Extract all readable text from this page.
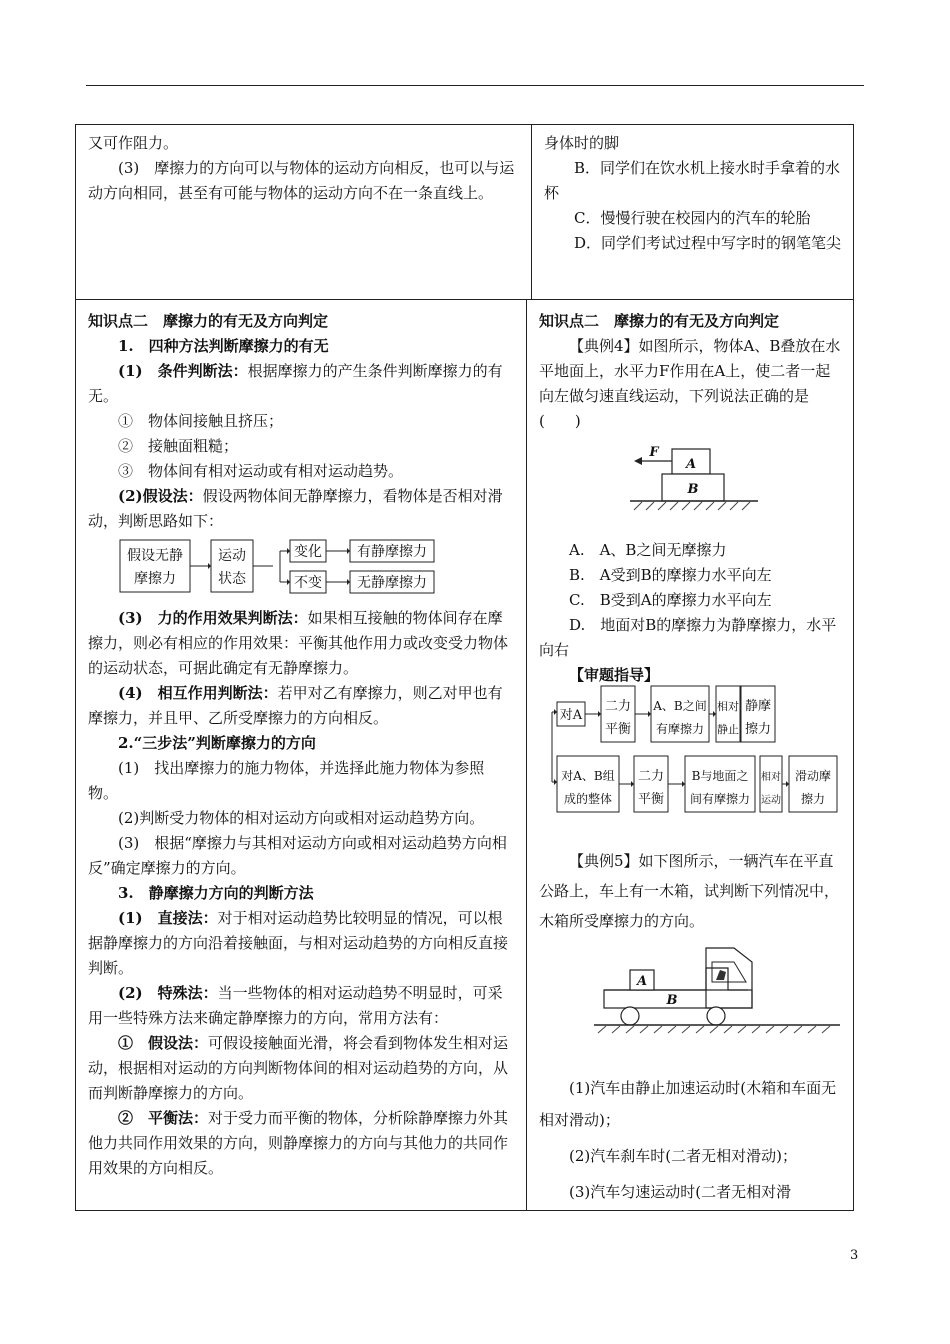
又可作阻力。

(3)　摩擦力的方向可以与物体的运动方向相反，也可以与运动方向相同，甚至有可能与物体的运动方向不在一条直线上。

身体时的脚

B．同学们在饮水机上接水时手拿着的水杯

C．慢慢行驶在校园内的汽车的轮胎

D．同学们考试过程中写字时的钢笔笔尖

知识点二　摩擦力的有无及方向判定

1.　四种方法判断摩擦力的有无

(1)　条件判断法：根据摩擦力的产生条件判断摩擦力的有无。

①　物体间接触且挤压；

②　接触面粗糙；

③　物体间有相对运动或有相对运动趋势。

(2)假设法：假设两物体间无静摩擦力，看物体是否相对滑动，判断思路如下：

(3)　力的作用效果判断法：如果相互接触的物体间存在摩擦力，则必有相应的作用效果：平衡其他作用力或改变受力物体的运动状态，可据此确定有无静摩擦力。

(4)　相互作用判断法：若甲对乙有摩擦力，则乙对甲也有摩擦力，并且甲、乙所受摩擦力的方向相反。

2.“三步法”判断摩擦力的方向

(1)　找出摩擦力的施力物体，并选择此施力物体为参照物。

(2)判断受力物体的相对运动方向或相对运动趋势方向。

(3)　根据“摩擦力与其相对运动方向或相对运动趋势方向相反”确定摩擦力的方向。

3.　静摩擦力方向的判断方法

(1)　直接法：对于相对运动趋势比较明显的情况，可以根据静摩擦力的方向沿着接触面，与相对运动趋势的方向相反直接判断。

(2)　特殊法：当一些物体的相对运动趋势不明显时，可采用一些特殊方法来确定静摩擦力的方向，常用方法有：

①　假设法：可假设接触面光滑，将会看到物体发生相对运动，根据相对运动的方向判断物体间的相对运动趋势的方向，从而判断静摩擦力的方向。

②　平衡法：对于受力而平衡的物体，分析除静摩擦力外其他力共同作用效果的方向，则静摩擦力的方向与其他力的共同作用效果的方向相反。

假设无静
摩擦力
运动
状态
变化	有静摩擦力
不变	无静摩擦力

知识点二　摩擦力的有无及方向判定

【典例4】如图所示，物体A、B叠放在水平地面上，水平力F作用在A上，使二者一起向左做匀速直线运动，下列说法正确的是(　　)

A.　A、B之间无摩擦力

B.　A受到B的摩擦力水平向左

C.　B受到A的摩擦力水平向左

D.　地面对B的摩擦力为静摩擦力，水平向右

【审题指导】

【典例5】如下图所示，一辆汽车在平直公路上，车上有一木箱，试判断下列情况中，木箱所受摩擦力的方向。

(1)汽车由静止加速运动时(木箱和车面无相对滑动)；

(2)汽车刹车时(二者无相对滑动)；

(3)汽车匀速运动时(二者无相对滑

F
A
B
对A
二力
平衡
A、B之间
有摩擦力
相对
静止
静摩
擦力
对A、B组
成的整体
二力
平衡
B与地面之
间有摩擦力
相对
运动
滑动摩
擦力
A
B
3
